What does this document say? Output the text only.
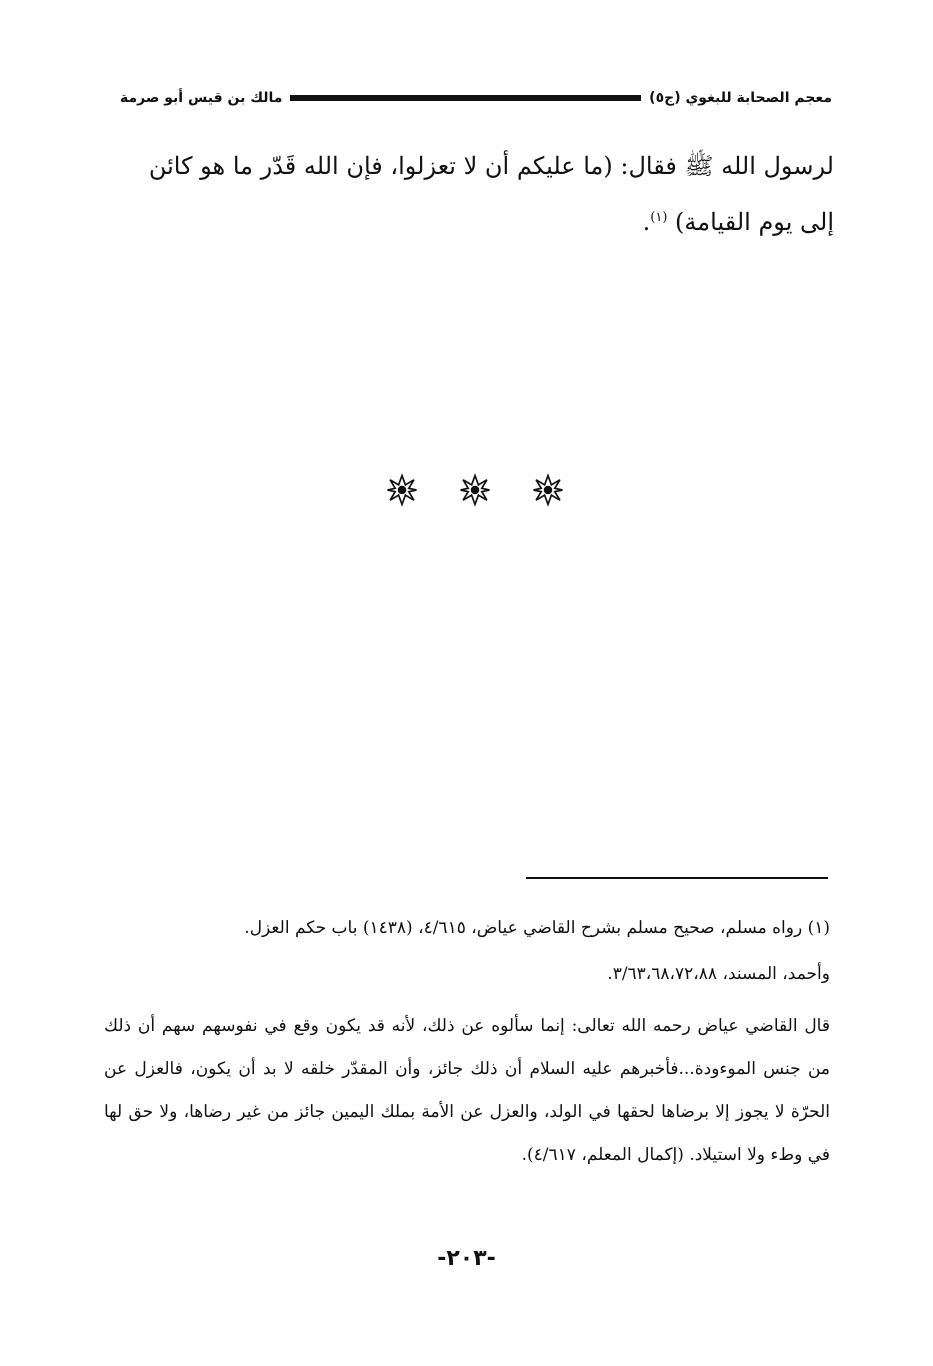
معجم الصحابة للبغوي (ج٥)
مالك بن قيس أبو صرمة
لرسول الله ﷺ فقال: (ما عليكم أن لا تعزلوا، فإن الله قَدّر ما هو كائن
إلى يوم القيامة) $^{(١)}$.

(١) رواه مسلم، صحيح مسلم بشرح القاضي عياض، ٤/٦١٥، (١٤٣٨) باب حكم العزل.

وأحمد، المسند، ٣/٦٣،٦٨،٧٢،٨٨.

قال القاضي عياض رحمه الله تعالى: إنما سألوه عن ذلك، لأنه قد يكون وقع في نفوسهم سهم أن ذلك من جنس الموءودة...فأخبرهم عليه السلام أن ذلك جائز، وأن المقدّر خلقه لا بد أن يكون، فالعزل عن الحرّة لا يجوز إلا برضاها لحقها في الولد، والعزل عن الأمة بملك اليمين جائز من غير رضاها، ولا حق لها في وطء ولا استيلاد. (إكمال المعلم، ٤/٦١٧).

-٢٠٣-
